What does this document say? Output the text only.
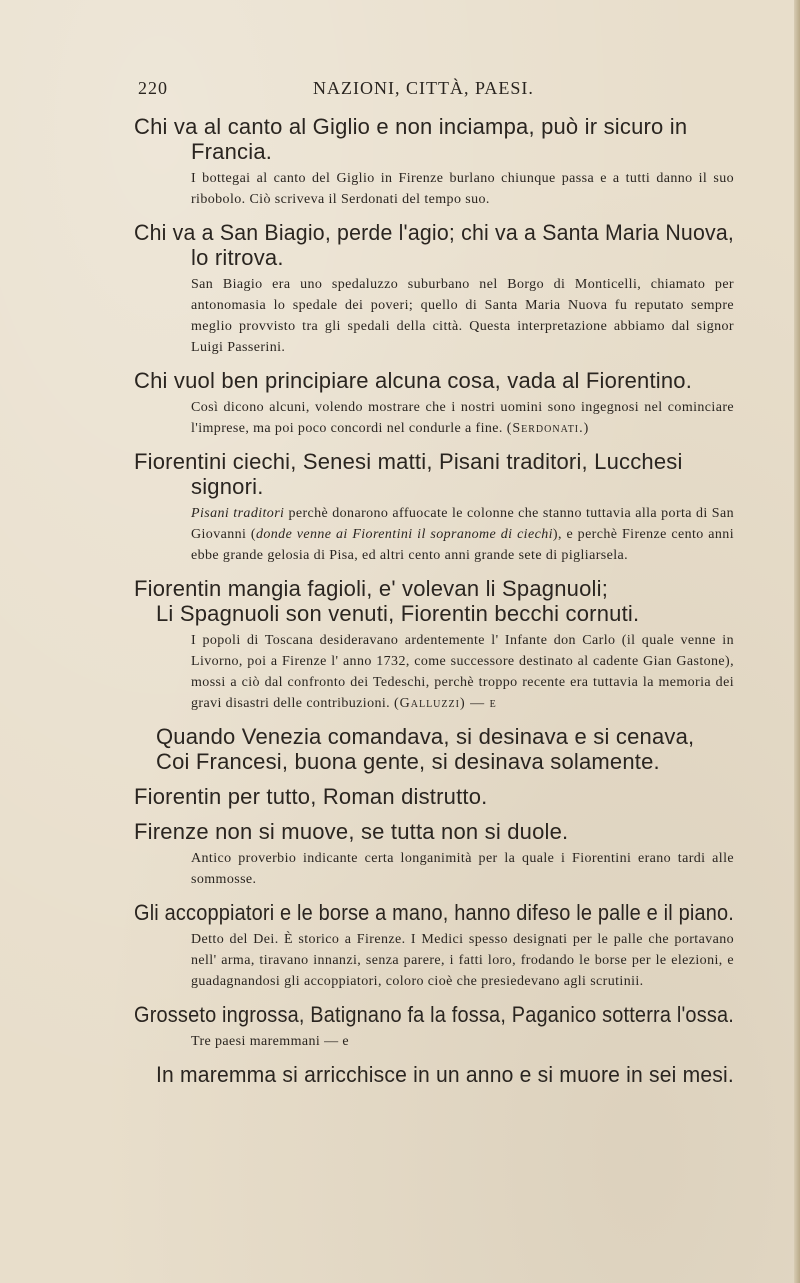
220	NAZIONI, CITTÀ, PAESI.

Chi va al canto al Giglio e non inciampa, può ir sicuro in

Francia.

I bottegai al canto del Giglio in Firenze burlano chiunque passa e a tutti danno il suo ribobolo. Ciò scriveva il Serdonati del tempo suo.

Chi va a San Biagio, perde l'agio; chi va a Santa Maria Nuova,

lo ritrova.

San Biagio era uno spedaluzzo suburbano nel Borgo di Monticelli, chiamato per antonomasia lo spedale dei poveri; quello di Santa Maria Nuova fu reputato sempre meglio provvisto tra gli spedali della città. Questa interpretazione abbiamo dal signor Luigi Passerini.

Chi vuol ben principiare alcuna cosa, vada al Fiorentino.

Così dicono alcuni, volendo mostrare che i nostri uomini sono ingegnosi nel cominciare l'imprese, ma poi poco concordi nel condurle a fine. (Serdonati.)

Fiorentini ciechi, Senesi matti, Pisani traditori, Lucchesi

signori.

Pisani traditori perchè donarono affuocate le colonne che stanno tuttavia alla porta di San Giovanni (donde venne ai Fiorentini il sopranome di ciechi), e perchè Firenze cento anni ebbe grande gelosia di Pisa, ed altri cento anni grande sete di pigliarsela.

Fiorentin mangia fagioli, e' volevan li Spagnuoli;

Li Spagnuoli son venuti, Fiorentin becchi cornuti.

I popoli di Toscana desideravano ardentemente l' Infante don Carlo (il quale venne in Livorno, poi a Firenze l' anno 1732, come successore destinato al cadente Gian Gastone), mossi a ciò dal confronto dei Tedeschi, perchè troppo recente era tuttavia la memoria dei gravi disastri delle contribuzioni. (Galluzzi) — e

Quando Venezia comandava, si desinava e si cenava,

Coi Francesi, buona gente, si desinava solamente.

Fiorentin per tutto, Roman distrutto.

Firenze non si muove, se tutta non si duole.

Antico proverbio indicante certa longanimità per la quale i Fiorentini erano tardi alle sommosse.

Gli accoppiatori e le borse a mano, hanno difeso le palle e il piano.

Detto del Dei. È storico a Firenze. I Medici spesso designati per le palle che portavano nell' arma, tiravano innanzi, senza parere, i fatti loro, frodando le borse per le elezioni, e guadagnandosi gli accoppiatori, coloro cioè che presiedevano agli scrutinii.

Grosseto ingrossa, Batignano fa la fossa, Paganico sotterra l'ossa.

Tre paesi maremmani — e

In maremma si arricchisce in un anno e si muore in sei mesi.
